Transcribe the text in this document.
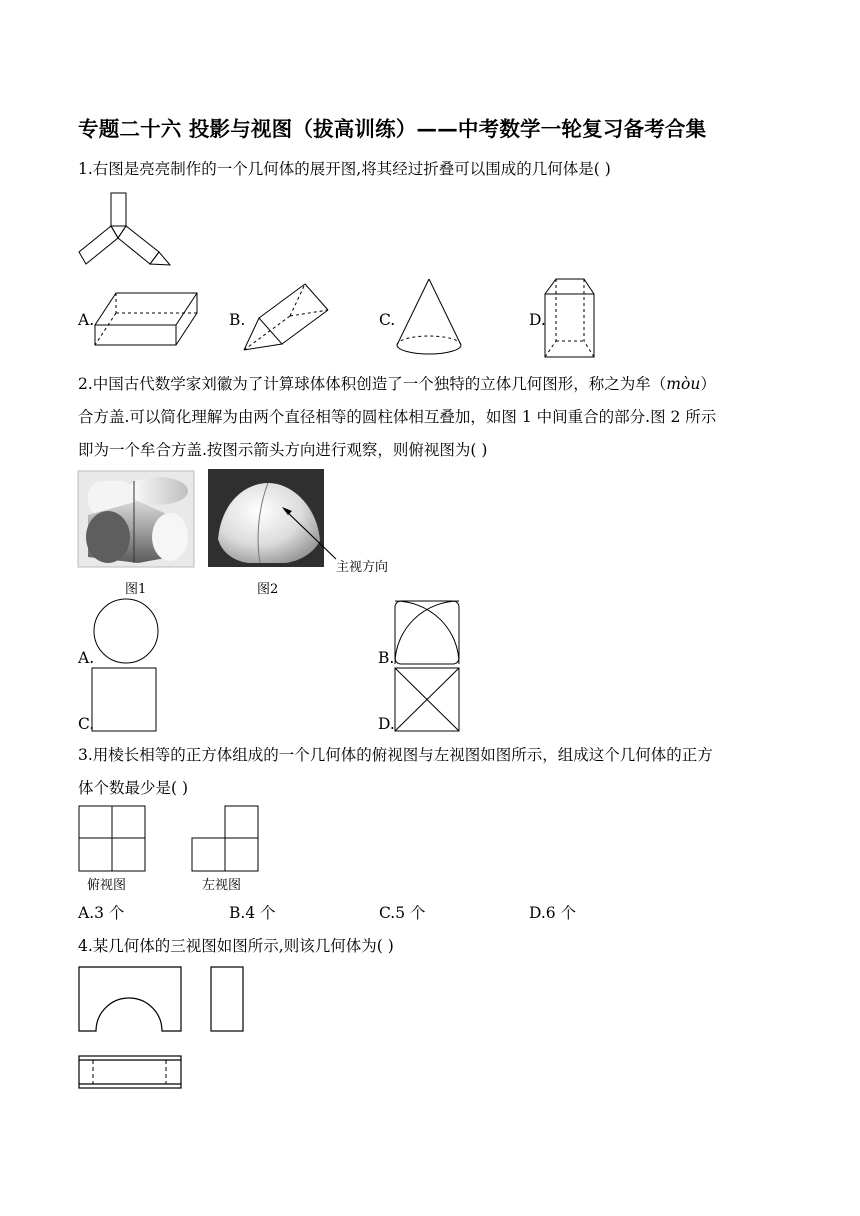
专题二十六 投影与视图（拔高训练）——中考数学一轮复习备考合集
1.右图是亮亮制作的一个几何体的展开图,将其经过折叠可以围成的几何体是( )
A.	B.	C.	D.
2.中国古代数学家刘徽为了计算球体体积创造了一个独特的立体几何图形，称之为牟（mòu）
合方盖.可以简化理解为由两个直径相等的圆柱体相互叠加，如图 1 中间重合的部分.图 2 所示
即为一个牟合方盖.按图示箭头方向进行观察，则俯视图为( )
图1
主视方向
图2
A.	B.
C.	D.
3.用棱长相等的正方体组成的一个几何体的俯视图与左视图如图所示，组成这个几何体的正方
体个数最少是( )
俯视图	左视图
A.3 个	B.4 个	C.5 个	D.6 个
4.某几何体的三视图如图所示,则该几何体为( )
